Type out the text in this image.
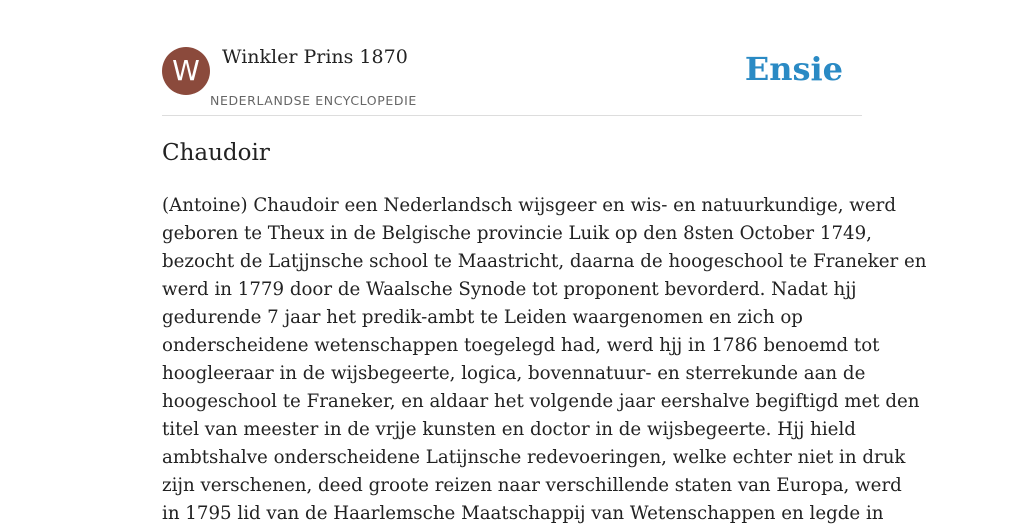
W	Winkler Prins 1870
NEDERLANDSE ENCYCLOPEDIE
Ensie
Chaudoir
(Antoine) Chaudoir een Nederlandsch wijsgeer en wis- en natuurkundige, werd
geboren te Theux in de Belgische provincie Luik op den 8sten October 1749,
bezocht de Latjjnsche school te Maastricht, daarna de hoogeschool te Franeker en
werd in 1779 door de Waalsche Synode tot proponent bevorderd. Nadat hjj
gedurende 7 jaar het predik-ambt te Leiden waargenomen en zich op
onderscheidene wetenschappen toegelegd had, werd hjj in 1786 benoemd tot
hoogleeraar in de wijsbegeerte, logica, bovennatuur- en sterrekunde aan de
hoogeschool te Franeker, en aldaar het volgende jaar eershalve begiftigd met den
titel van meester in de vrjje kunsten en doctor in de wijsbegeerte. Hjj hield
ambtshalve onderscheidene Latijnsche redevoeringen, welke echter niet in druk
zijn verschenen, deed groote reizen naar verschillende staten van Europa, werd
in 1795 lid van de Haarlemsche Maatschappij van Wetenschappen en legde in
